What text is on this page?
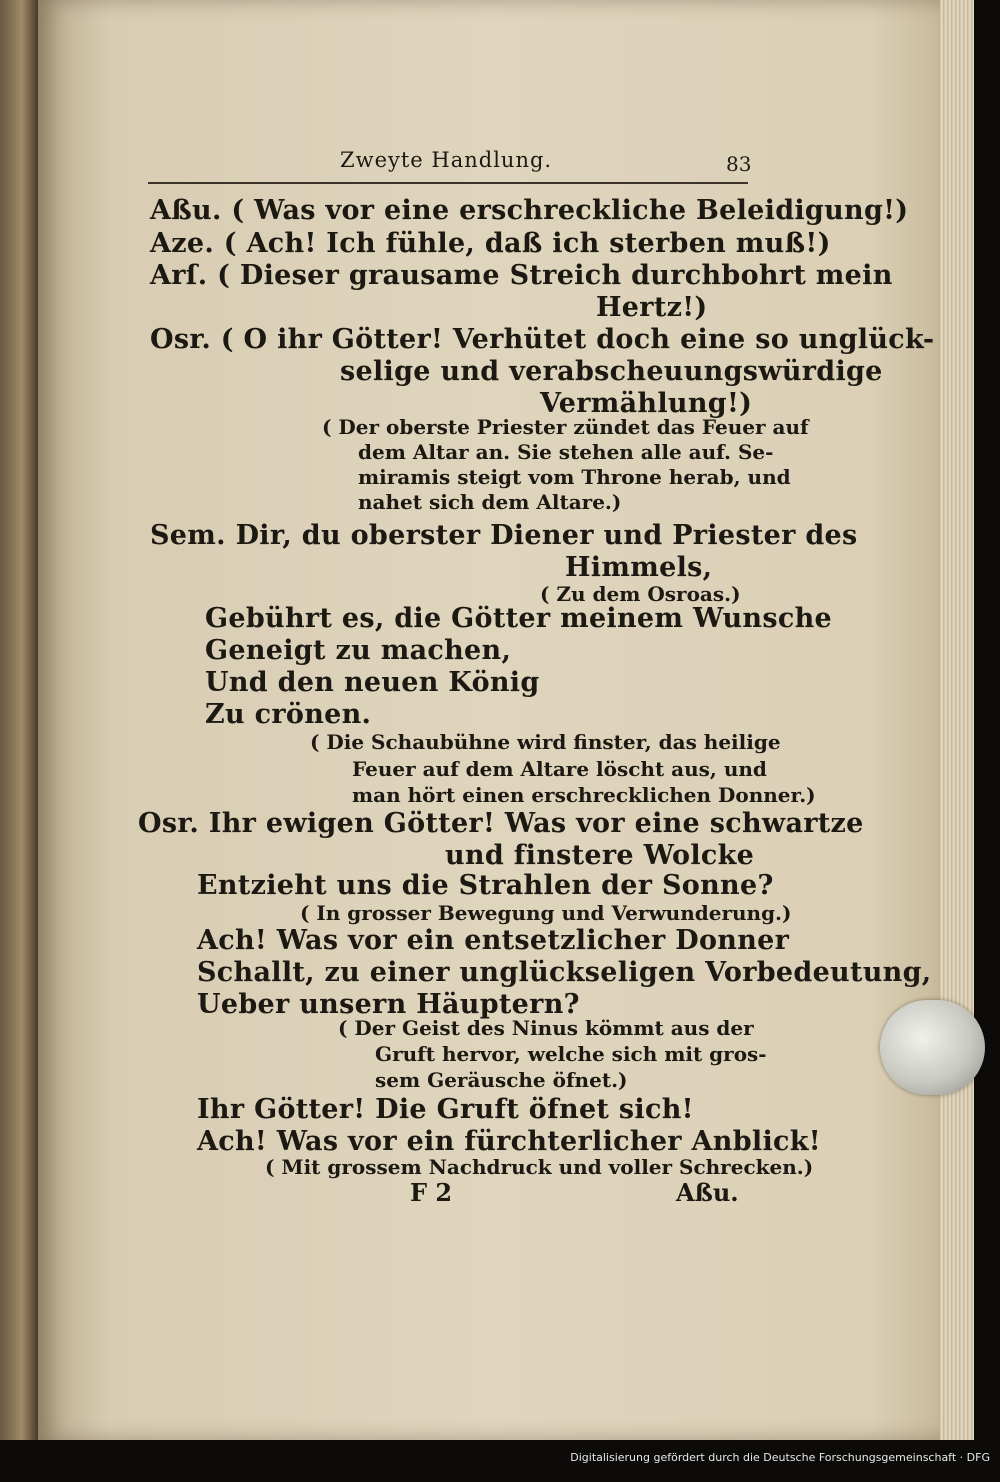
Zweyte Handlung.	83
Aßu. ( Was vor eine erschreckliche Beleidigung!)
Aze. ( Ach! Ich fühle, daß ich sterben muß!)
Arſ. ( Dieser grausame Streich durchbohrt mein
Hertz!)
Osr. ( O ihr Götter! Verhütet doch eine so unglück-
selige und verabscheuungswürdige
Vermählung!)
( Der oberste Priester zündet das Feuer auf
dem Altar an. Sie stehen alle auf. Se-
miramis steigt vom Throne herab, und
nahet sich dem Altare.)
Sem. Dir, du oberster Diener und Priester des
Himmels,
( Zu dem Osroas.)
Gebührt es, die Götter meinem Wunsche
Geneigt zu machen,
Und den neuen König
Zu crönen.
( Die Schaubühne wird finster, das heilige
Feuer auf dem Altare löscht aus, und
man hört einen erschrecklichen Donner.)
Osr. Ihr ewigen Götter! Was vor eine schwartze
und finstere Wolcke
Entzieht uns die Strahlen der Sonne?
( In grosser Bewegung und Verwunderung.)
Ach! Was vor ein entsetzlicher Donner
Schallt, zu einer unglückseligen Vorbedeutung,
Ueber unsern Häuptern?
( Der Geist des Ninus kömmt aus der
Gruft hervor, welche sich mit gros-
sem Geräusche öfnet.)
Ihr Götter! Die Gruft öfnet sich!
Ach! Was vor ein fürchterlicher Anblick!
( Mit grossem Nachdruck und voller Schrecken.)
F 2	Aßu.
Digitalisierung gefördert durch die Deutsche Forschungsgemeinschaft · DFG
